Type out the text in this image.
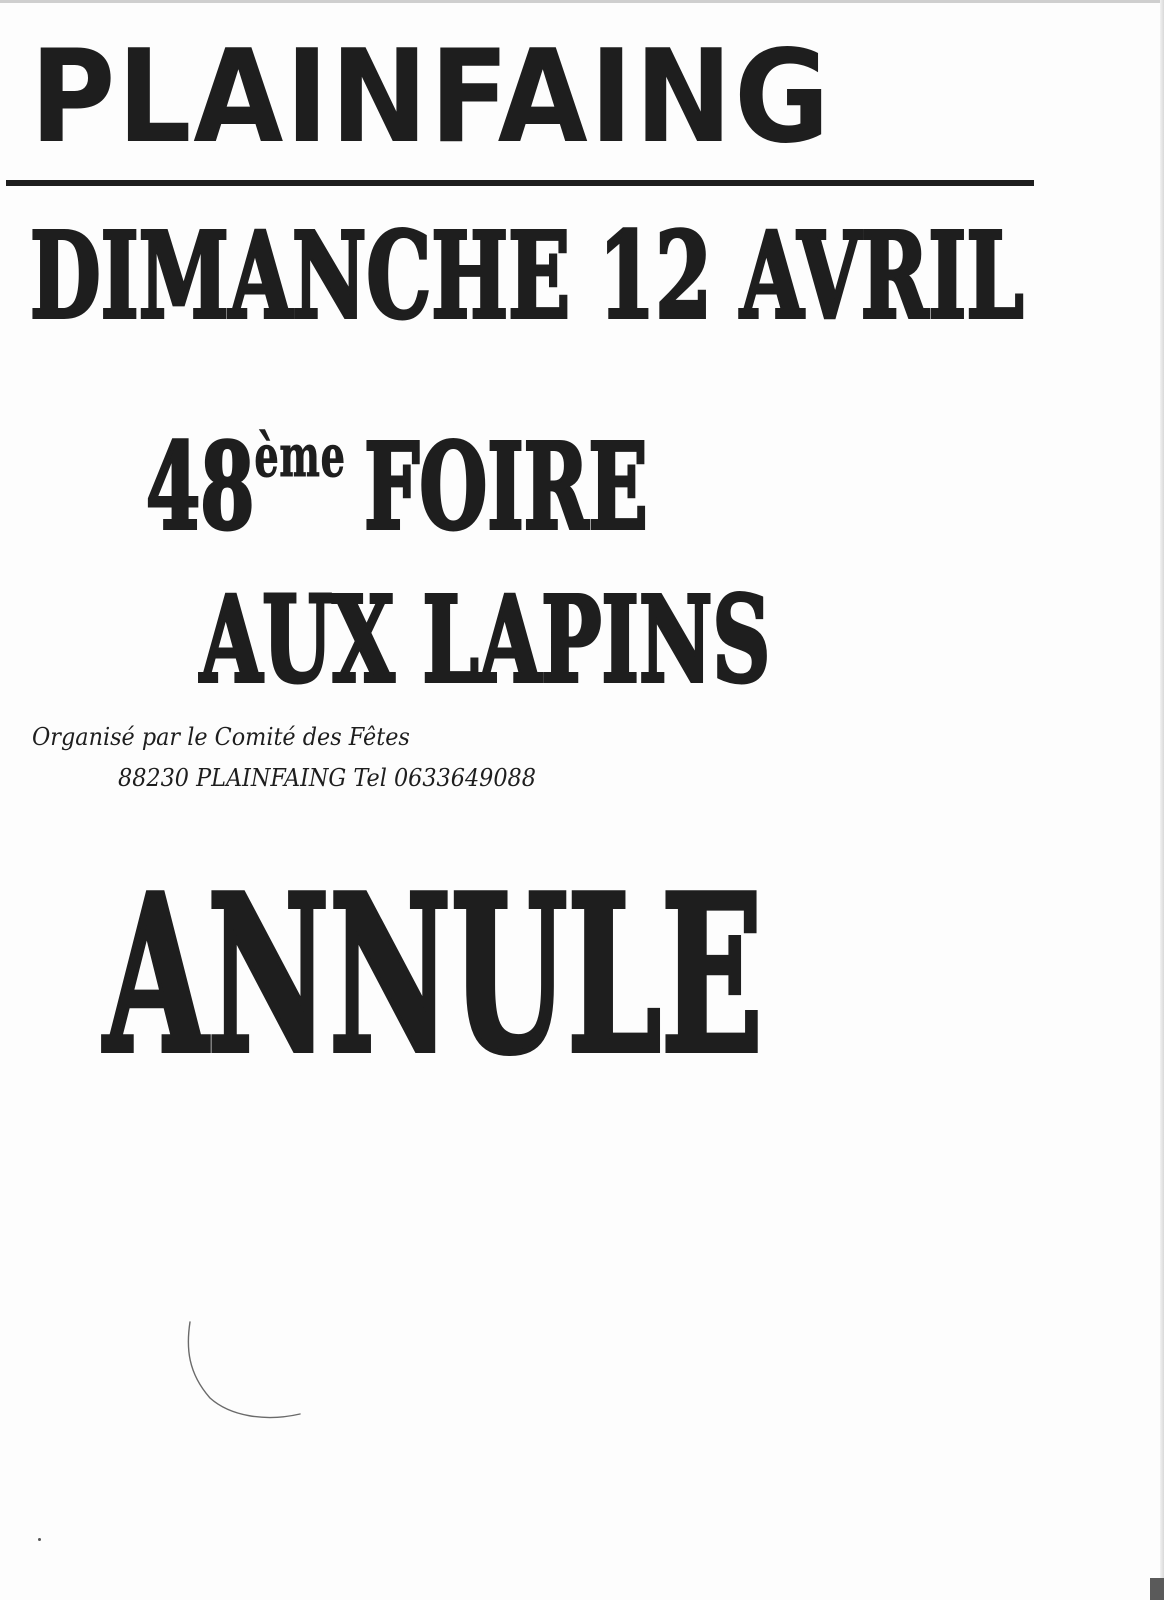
PLAINFAING
DIMANCHE 12 AVRIL
48ème FOIRE
AUX LAPINS
Organisé par le Comité des Fêtes
88230 PLAINFAING Tel 0633649088
ANNULE
